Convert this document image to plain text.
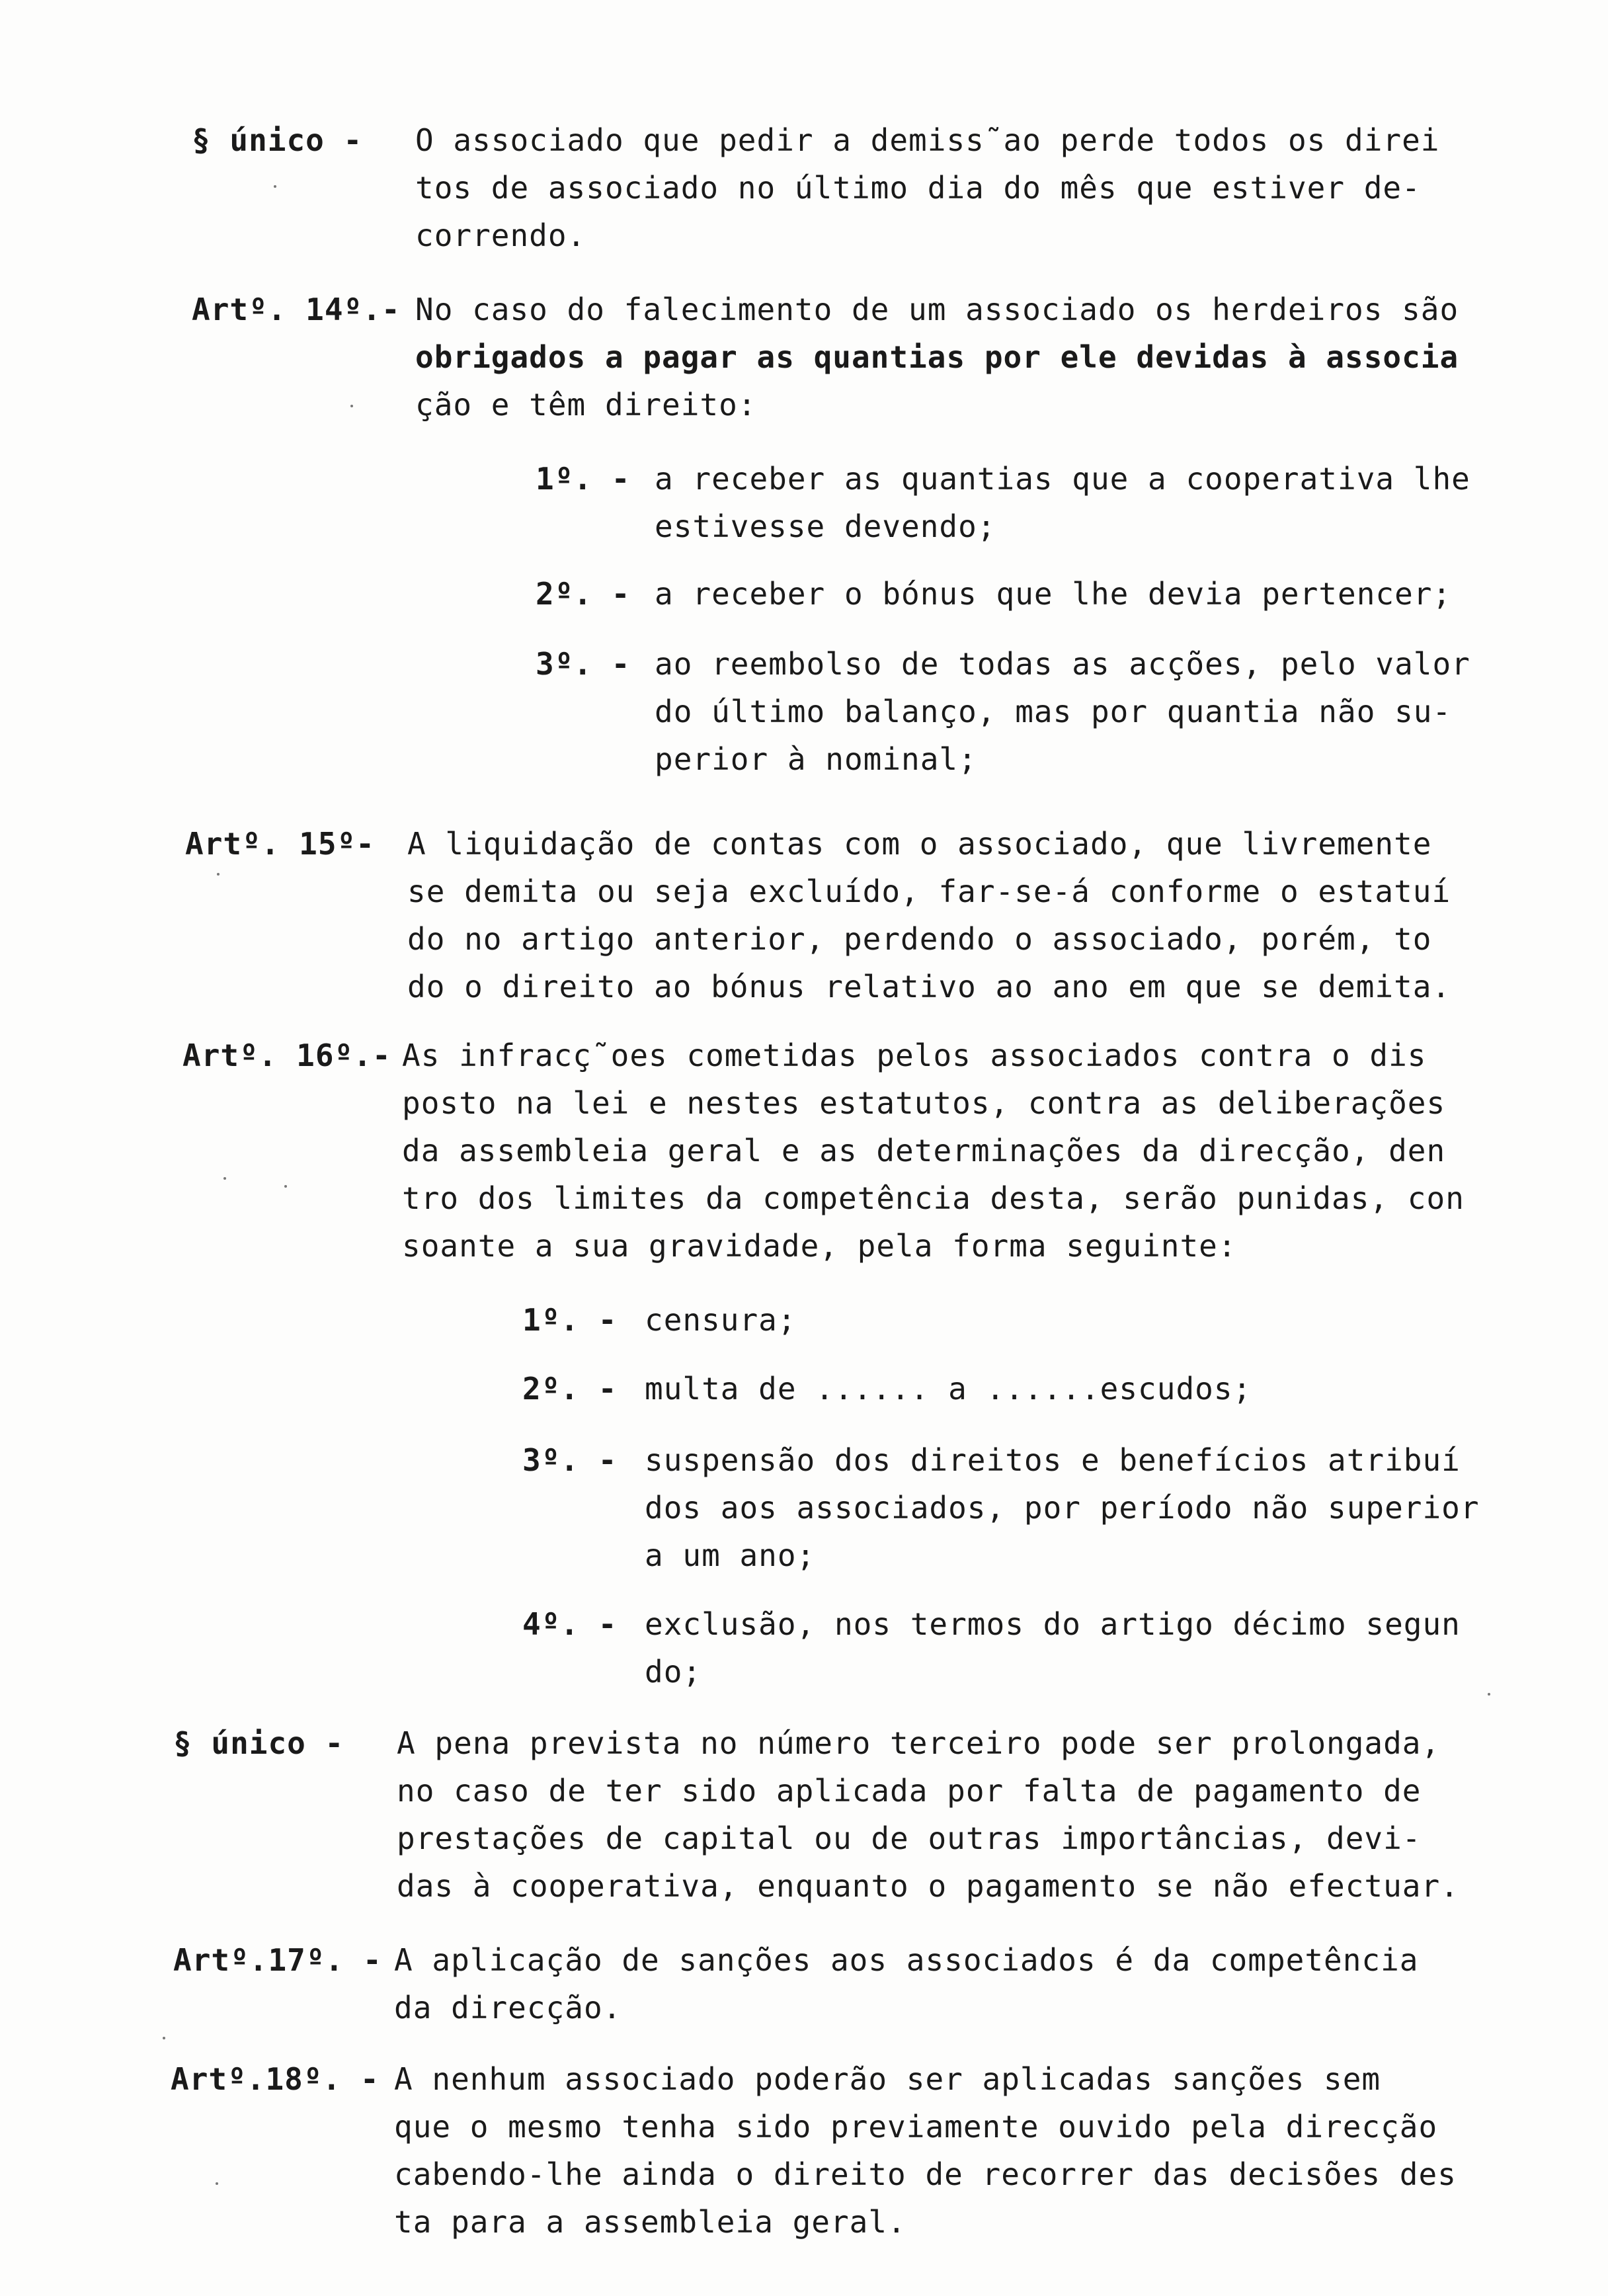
§ único - O associado que pedir a demiss˜ao perde todos os direi
tos de associado no último dia do mês que estiver de-
correndo.
Artº. 14º.- No caso do falecimento de um associado os herdeiros são
obrigados a pagar as quantias por ele devidas à associa
ção e têm direito:
1º. - a receber as quantias que a cooperativa lhe
estivesse devendo;
2º. - a receber o bónus que lhe devia pertencer;
3º. - ao reembolso de todas as acções, pelo valor
do último balanço, mas por quantia não su-
perior à nominal;
Artº. 15º- A liquidação de contas com o associado, que livremente
se demita ou seja excluído, far-se-á conforme o estatuí
do no artigo anterior, perdendo o associado, porém, to
do o direito ao bónus relativo ao ano em que se demita.
Artº. 16º.- As infracç˜oes cometidas pelos associados contra o dis
posto na lei e nestes estatutos, contra as deliberações
da assembleia geral e as determinações da direcção, den
tro dos limites da competência desta, serão punidas, con
soante a sua gravidade, pela forma seguinte:
1º. - censura;
2º. - multa de ...... a ......escudos;
3º. - suspensão dos direitos e benefícios atribuí
dos aos associados, por período não superior
a um ano;
4º. - exclusão, nos termos do artigo décimo segun
do;
§ único - A pena prevista no número terceiro pode ser prolongada,
no caso de ter sido aplicada por falta de pagamento de
prestações de capital ou de outras importâncias, devi-
das à cooperativa, enquanto o pagamento se não efectuar.
Artº.17º. - A aplicação de sanções aos associados é da competência
da direcção.
Artº.18º. - A nenhum associado poderão ser aplicadas sanções sem
que o mesmo tenha sido previamente ouvido pela direcção
cabendo-lhe ainda o direito de recorrer das decisões des
ta para a assembleia geral.
